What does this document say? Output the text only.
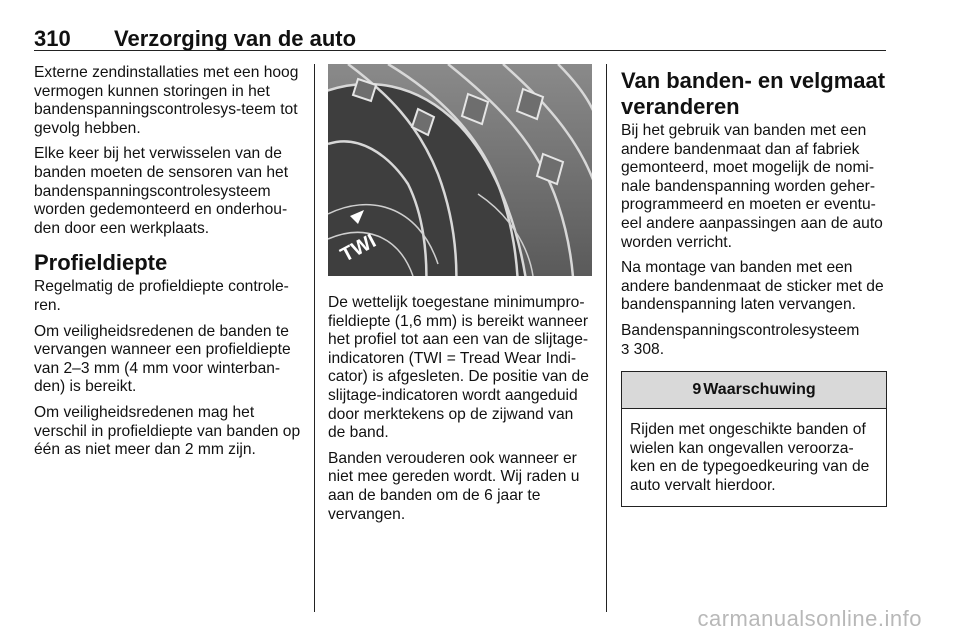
310 Verzorging van de auto

Externe zendinstallaties met een hoog vermogen kunnen storingen in het bandenspanningscontrolesys-teem tot gevolg hebben.

Elke keer bij het verwisselen van de banden moeten de sensoren van het bandenspanningscontrolesysteem worden gedemonteerd en onderhou-den door een werkplaats.

Profieldiepte

Regelmatig de profieldiepte controle-ren.

Om veiligheidsredenen de banden te vervangen wanneer een profieldiepte van 2–3 mm (4 mm voor winterban-den) is bereikt.

Om veiligheidsredenen mag het verschil in profieldiepte van banden op één as niet meer dan 2 mm zijn.

TWI

De wettelijk toegestane minimumpro-fieldiepte (1,6 mm) is bereikt wanneer het profiel tot aan een van de slijtage-indicatoren (TWI = Tread Wear Indi-cator) is afgesleten. De positie van de slijtage-indicatoren wordt aangeduid door merktekens op de zijwand van de band.

Banden verouderen ook wanneer er niet mee gereden wordt. Wij raden u aan de banden om de 6 jaar te vervangen.

Van banden- en velgmaat veranderen

Bij het gebruik van banden met een andere bandenmaat dan af fabriek gemonteerd, moet mogelijk de nomi-nale bandenspanning worden geher-programmeerd en moeten er eventu-eel andere aanpassingen aan de auto worden verricht.

Na montage van banden met een andere bandenmaat de sticker met de bandenspanning laten vervangen.

Bandenspanningscontrolesysteem
3 308.

9 Waarschuwing

Rijden met ongeschikte banden of wielen kan ongevallen veroorza-ken en de typegoedkeuring van de auto vervalt hierdoor.

carmanualsonline.info
